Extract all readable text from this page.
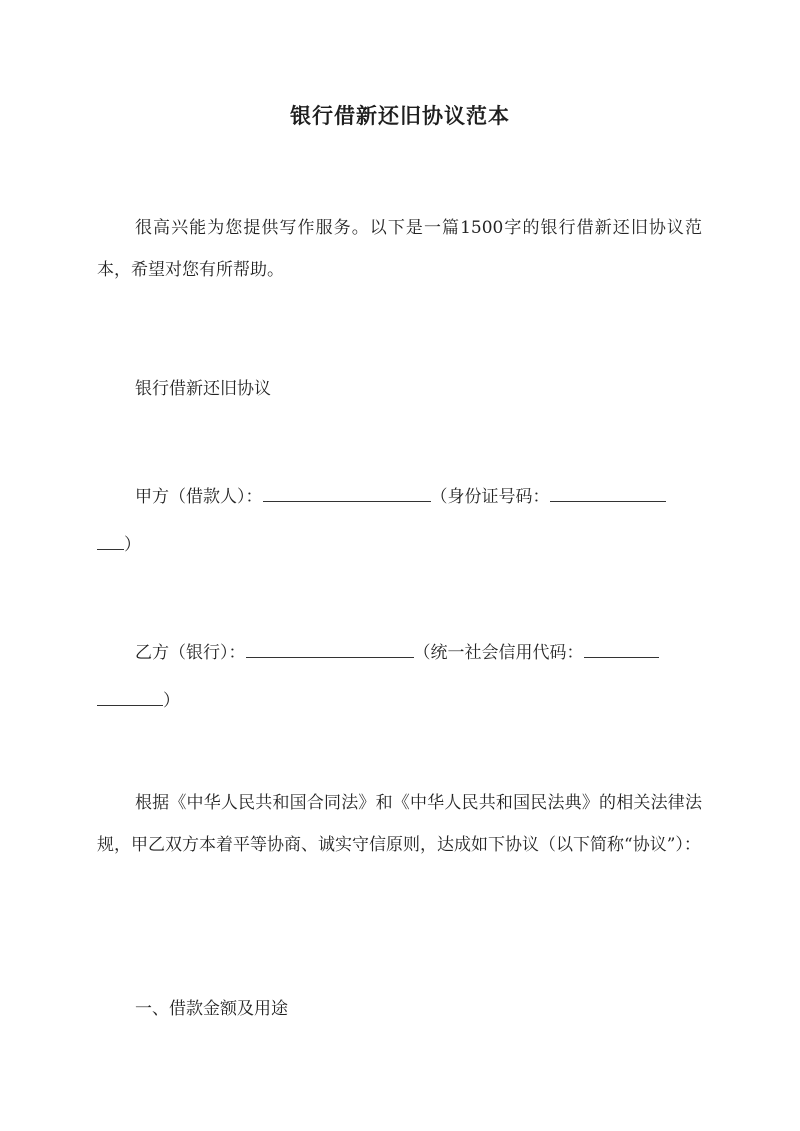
银行借新还旧协议范本
很高兴能为您提供写作服务。以下是一篇1500字的银行借新还旧协议范本，希望对您有所帮助。
银行借新还旧协议
甲方（借款人）：	（身份证号码：
）
乙方（银行）：	（统一社会信用代码：
）
根据《中华人民共和国合同法》和《中华人民共和国民法典》的相关法律法规，甲乙双方本着平等协商、诚实守信原则，达成如下协议（以下简称“协议”）：
一、借款金额及用途
